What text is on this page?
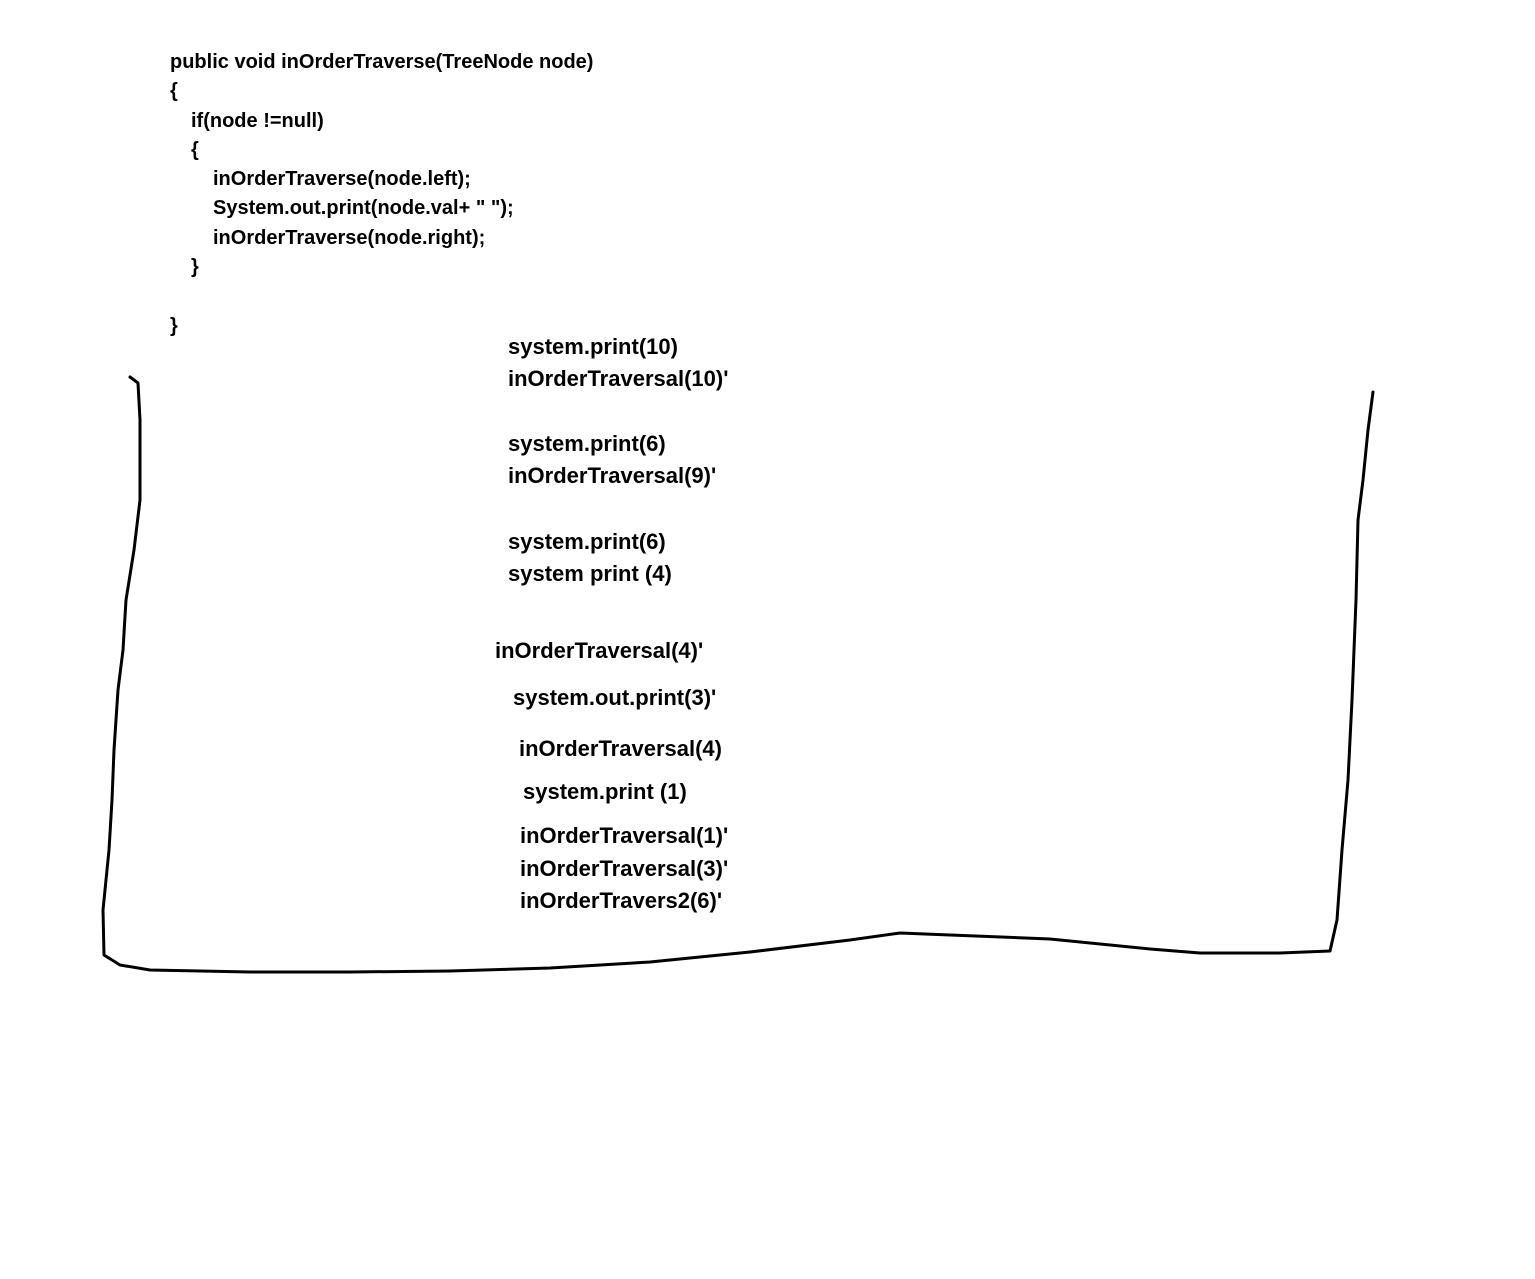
public void inOrderTraverse(TreeNode node)
{
if(node !=null)
{
inOrderTraverse(node.left);
System.out.print(node.val+ " ");
inOrderTraverse(node.right);
}
}
system.print(10)
inOrderTraversal(10)'
system.print(6)
inOrderTraversal(9)'
system.print(6)
system print (4)
inOrderTraversal(4)'
system.out.print(3)'
inOrderTraversal(4)
system.print (1)
inOrderTraversal(1)'
inOrderTraversal(3)'
inOrderTravers2(6)'
